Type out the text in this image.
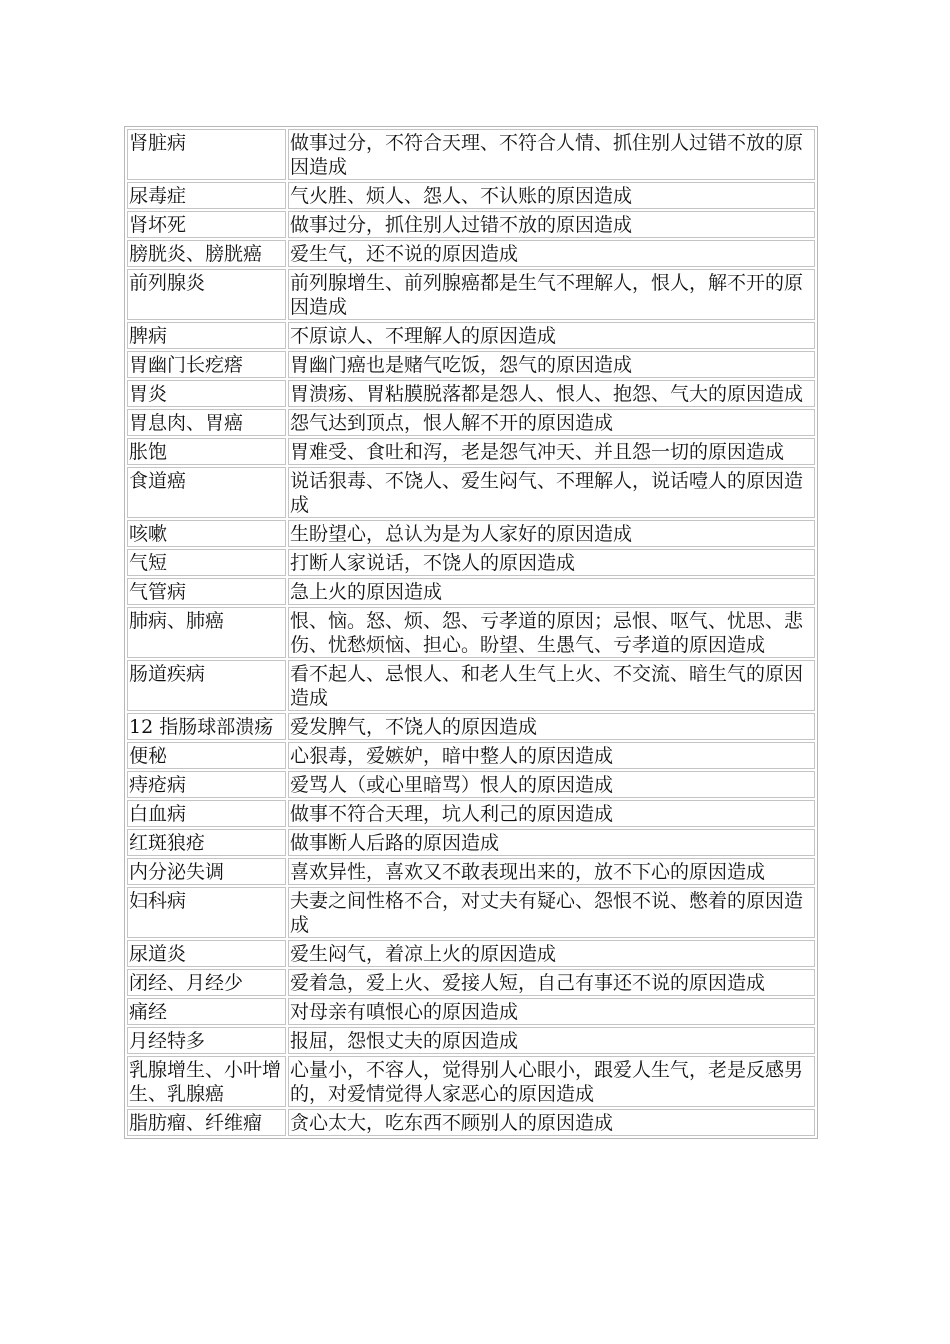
肾脏病	做事过分，不符合天理、不符合人情、抓住别人过错不放的原因造成
尿毒症	气火胜、烦人、怨人、不认账的原因造成
肾坏死	做事过分，抓住别人过错不放的原因造成
膀胱炎、膀胱癌	爱生气，还不说的原因造成
前列腺炎	前列腺增生、前列腺癌都是生气不理解人，恨人，解不开的原因造成
脾病	不原谅人、不理解人的原因造成
胃幽门长疙瘩	胃幽门癌也是赌气吃饭，怨气的原因造成
胃炎	胃溃疡、胃粘膜脱落都是怨人、恨人、抱怨、气大的原因造成
胃息肉、胃癌	怨气达到顶点，恨人解不开的原因造成
胀饱	胃难受、食吐和泻，老是怨气冲天、并且怨一切的原因造成
食道癌	说话狠毒、不饶人、爱生闷气、不理解人，说话噎人的原因造成
咳嗽	生盼望心，总认为是为人家好的原因造成
气短	打断人家说话，不饶人的原因造成
气管病	急上火的原因造成
肺病、肺癌	恨、恼。怒、烦、怨、亏孝道的原因；忌恨、呕气、忧思、悲伤、忧愁烦恼、担心。盼望、生愚气、亏孝道的原因造成
肠道疾病	看不起人、忌恨人、和老人生气上火、不交流、暗生气的原因造成
12 指肠球部溃疡	爱发脾气，不饶人的原因造成
便秘	心狠毒，爱嫉妒，暗中整人的原因造成
痔疮病	爱骂人（或心里暗骂）恨人的原因造成
白血病	做事不符合天理，坑人利己的原因造成
红斑狼疮	做事断人后路的原因造成
内分泌失调	喜欢异性，喜欢又不敢表现出来的，放不下心的原因造成
妇科病	夫妻之间性格不合，对丈夫有疑心、怨恨不说、憋着的原因造成
尿道炎	爱生闷气，着凉上火的原因造成
闭经、月经少	爱着急，爱上火、爱接人短，自己有事还不说的原因造成
痛经	对母亲有嗔恨心的原因造成
月经特多	报屈，怨恨丈夫的原因造成
乳腺增生、小叶增生、乳腺癌	心量小，不容人，觉得别人心眼小，跟爱人生气，老是反感男的，对爱情觉得人家恶心的原因造成
脂肪瘤、纤维瘤	贪心太大，吃东西不顾别人的原因造成
